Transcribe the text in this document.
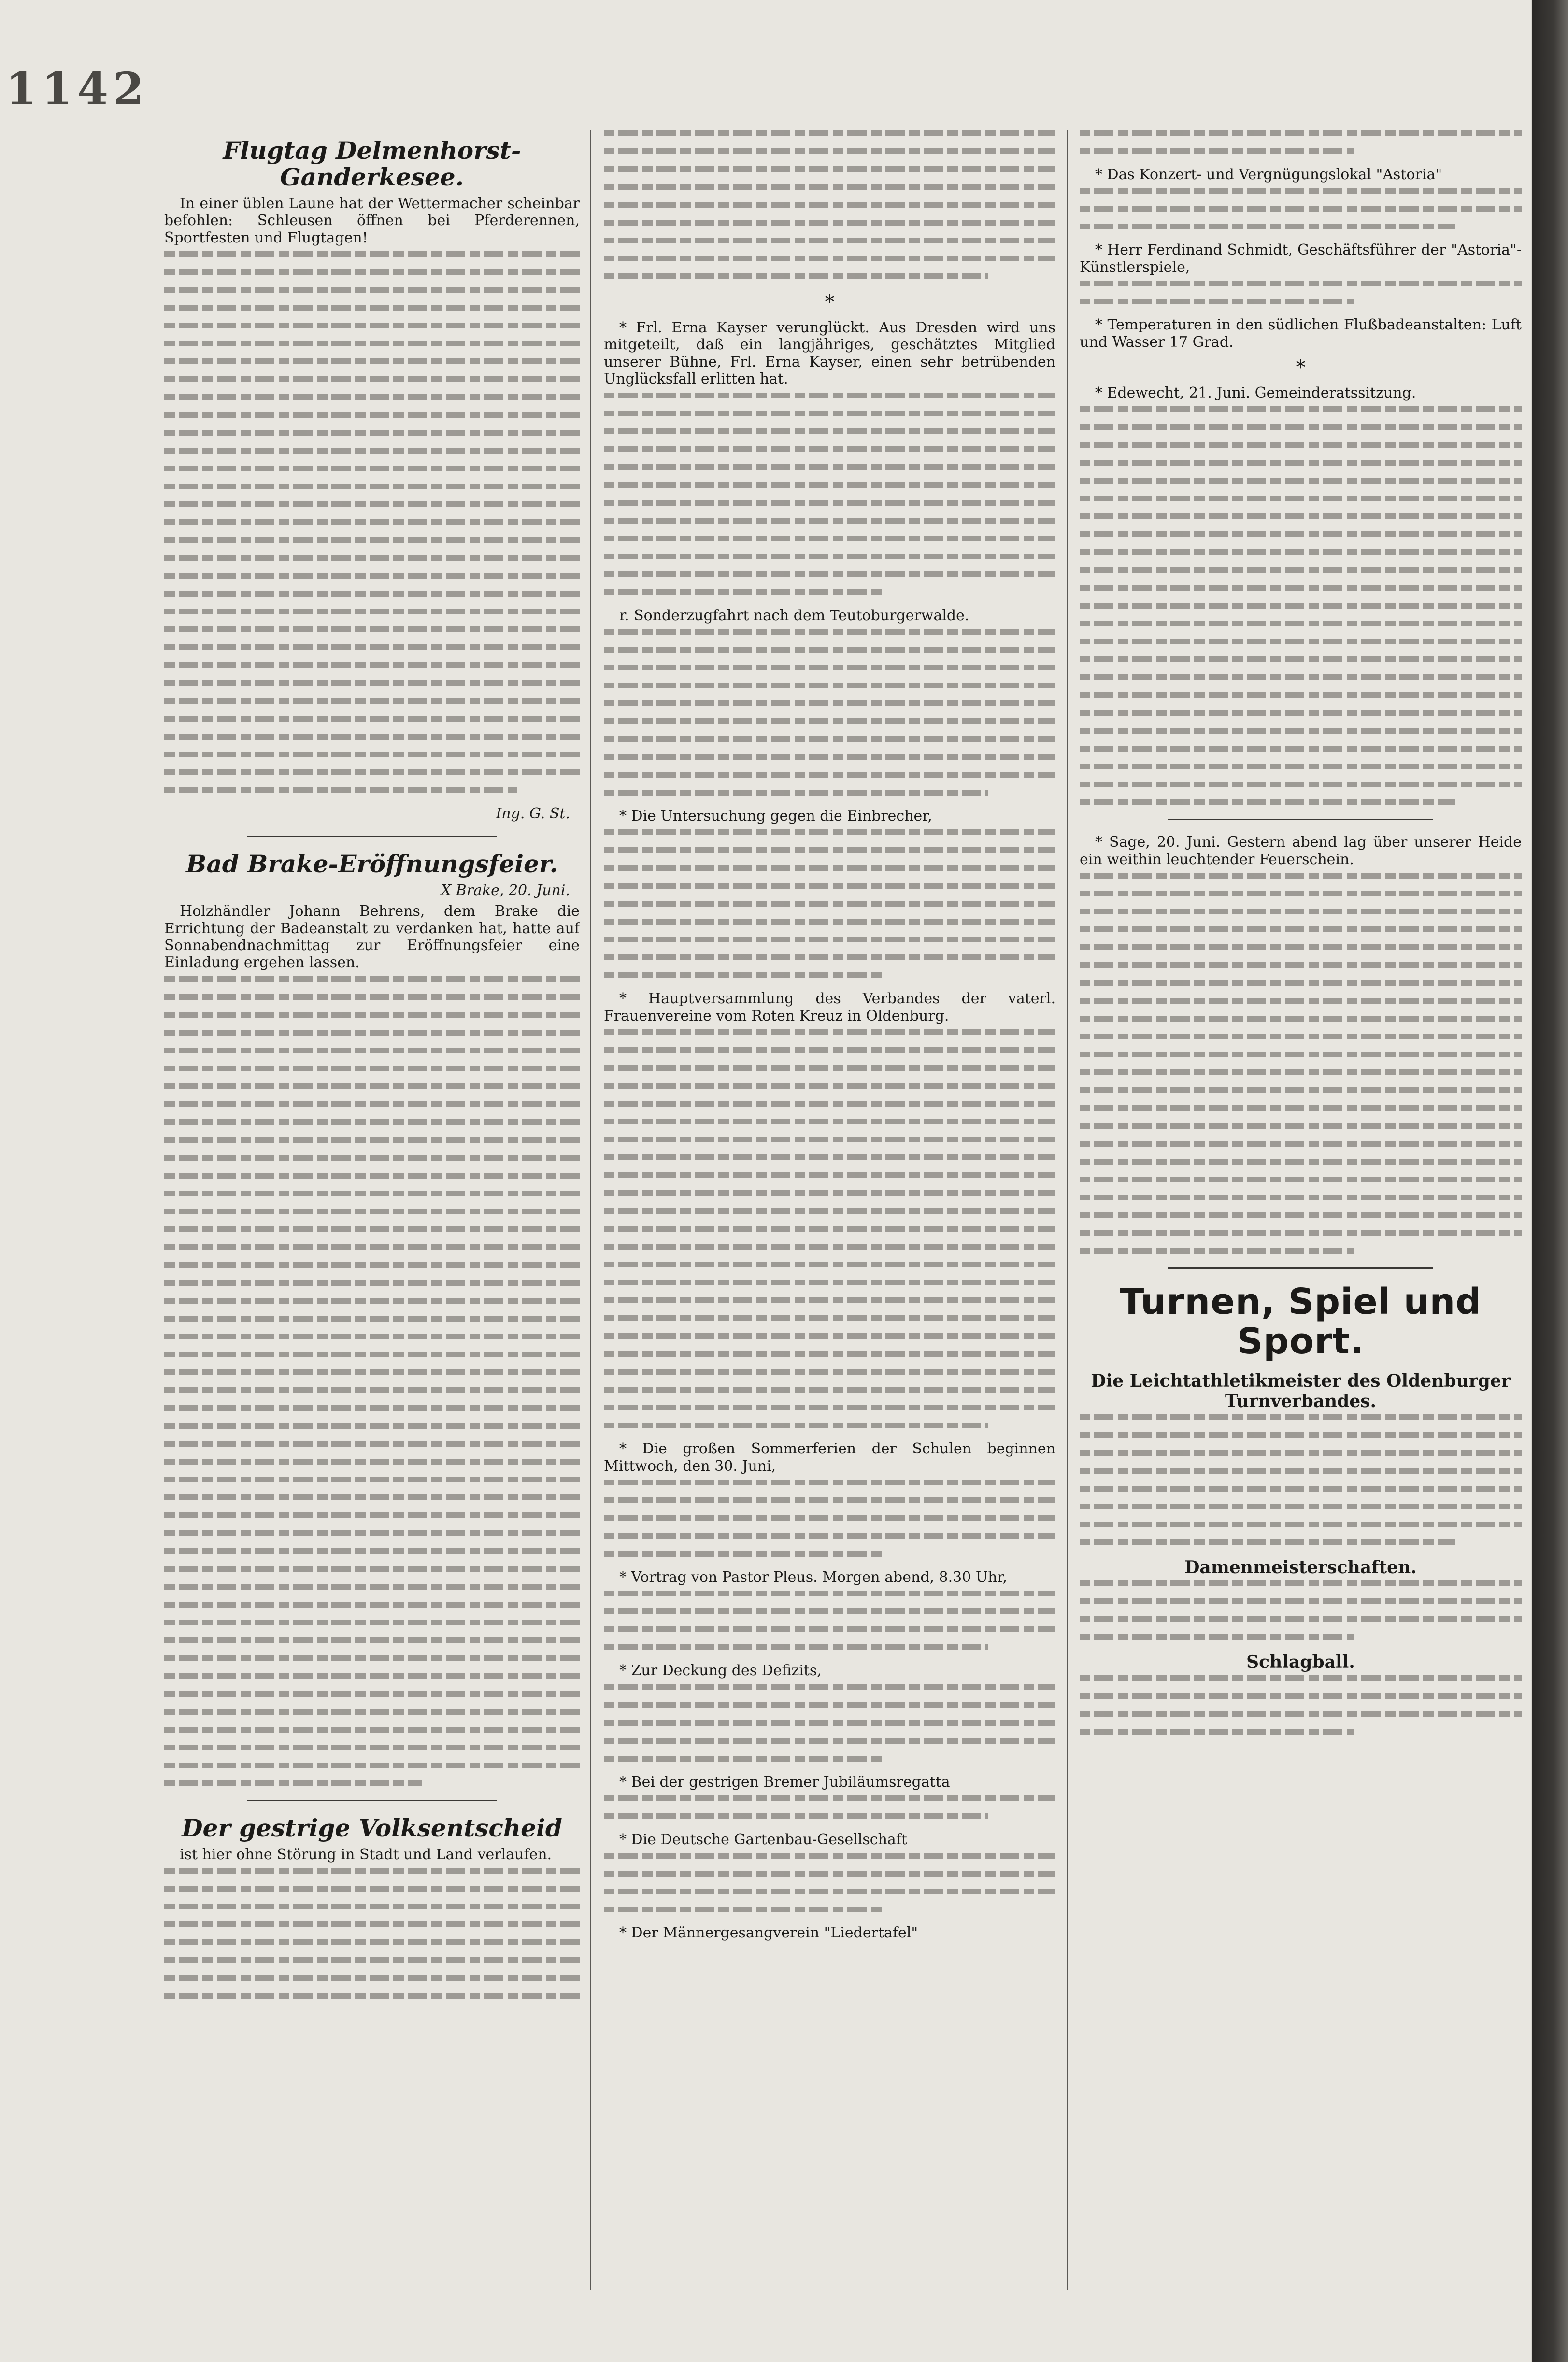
1142
Flugtag Delmenhorst-Ganderkesee.

In einer üblen Laune hat der Wettermacher scheinbar befohlen: Schleusen öffnen bei Pferderennen, Sportfesten und Flugtagen!

Ing. G. St.
Bad Brake-Eröffnungsfeier.
X Brake, 20. Juni.

Holzhändler Johann Behrens, dem Brake die Errichtung der Badeanstalt zu verdanken hat, hatte auf Sonnabendnachmittag zur Eröffnungsfeier eine Einladung ergehen lassen.

Der gestrige Volksentscheid

ist hier ohne Störung in Stadt und Land verlaufen.

*

* Frl. Erna Kayser verunglückt. Aus Dresden wird uns mitgeteilt, daß ein langjähriges, geschätztes Mitglied unserer Bühne, Frl. Erna Kayser, einen sehr betrübenden Unglücksfall erlitten hat.

r. Sonderzugfahrt nach dem Teutoburgerwalde.

* Die Untersuchung gegen die Einbrecher,

* Hauptversammlung des Verbandes der vaterl. Frauenvereine vom Roten Kreuz in Oldenburg.

* Die großen Sommerferien der Schulen beginnen Mittwoch, den 30. Juni,

* Vortrag von Pastor Pleus. Morgen abend, 8.30 Uhr,

* Zur Deckung des Defizits,

* Bei der gestrigen Bremer Jubiläumsregatta

* Die Deutsche Gartenbau-Gesellschaft

* Der Männergesangverein "Liedertafel"

* Das Konzert- und Vergnügungslokal "Astoria"

* Herr Ferdinand Schmidt, Geschäftsführer der "Astoria"-Künstlerspiele,

* Temperaturen in den südlichen Flußbadeanstalten: Luft und Wasser 17 Grad.

*

* Edewecht, 21. Juni. Gemeinderatssitzung.

* Sage, 20. Juni. Gestern abend lag über unserer Heide ein weithin leuchtender Feuerschein.

Turnen, Spiel und Sport.
Die Leichtathletikmeister des Oldenburger Turnverbandes.
Damenmeisterschaften.
Schlagball.
